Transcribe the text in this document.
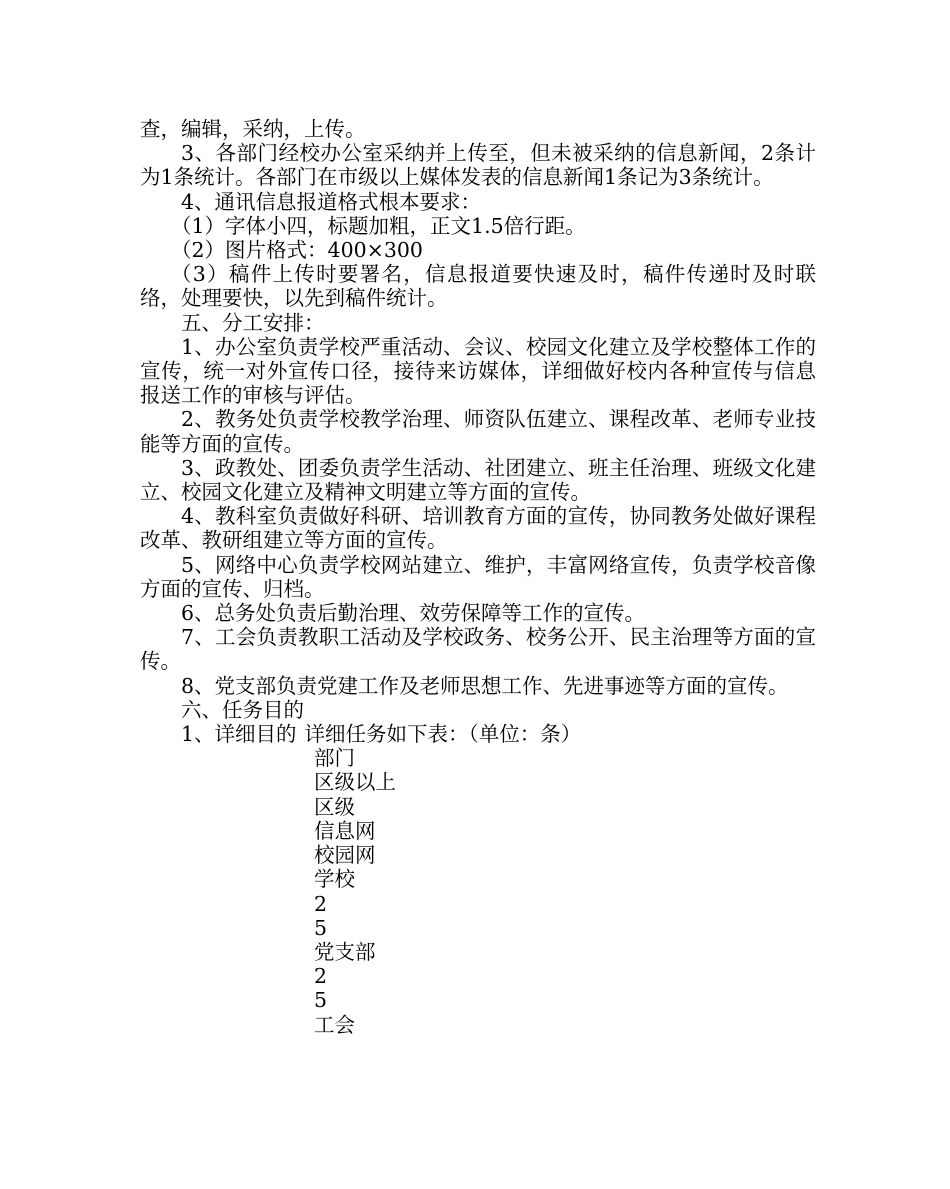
查，编辑，采纳，上传。

3、各部门经校办公室采纳并上传至，但未被采纳的信息新闻，2条计为1条统计。各部门在市级以上媒体发表的信息新闻1条记为3条统计。

4、通讯信息报道格式根本要求：

（1）字体小四，标题加粗，正文1.5倍行距。

（2）图片格式：400×300

（3）稿件上传时要署名，信息报道要快速及时，稿件传递时及时联络，处理要快，以先到稿件统计。

五、分工安排：

1、办公室负责学校严重活动、会议、校园文化建立及学校整体工作的宣传，统一对外宣传口径，接待来访媒体，详细做好校内各种宣传与信息报送工作的审核与评估。

2、教务处负责学校教学治理、师资队伍建立、课程改革、老师专业技能等方面的宣传。

3、政教处、团委负责学生活动、社团建立、班主任治理、班级文化建立、校园文化建立及精神文明建立等方面的宣传。

4、教科室负责做好科研、培训教育方面的宣传，协同教务处做好课程改革、教研组建立等方面的宣传。

5、网络中心负责学校网站建立、维护，丰富网络宣传，负责学校音像方面的宣传、归档。

6、总务处负责后勤治理、效劳保障等工作的宣传。

7、工会负责教职工活动及学校政务、校务公开、民主治理等方面的宣传。

8、党支部负责党建工作及老师思想工作、先进事迹等方面的宣传。

六、任务目的

1、详细目的 详细任务如下表：（单位：条）

部门
区级以上
区级
信息网
校园网
学校
2
5
党支部
2
5
工会
